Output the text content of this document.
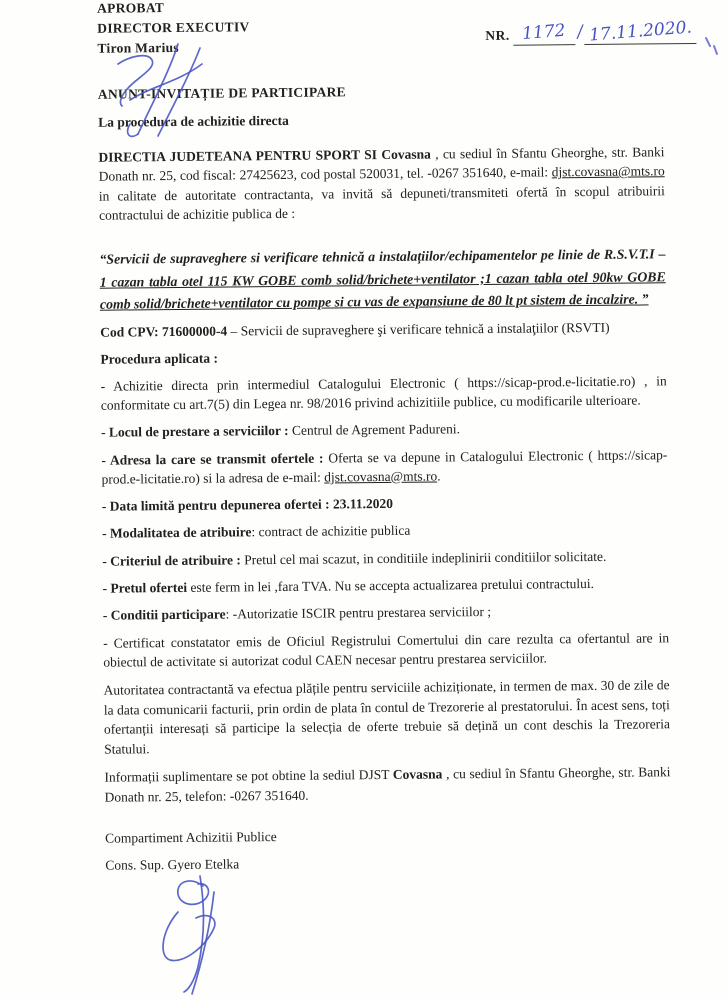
APROBAT
DIRECTOR EXECUTIV
Tiron Marius
NR. 1172 / 17.11.2020.
ANUNT-INVITAȚIE DE PARTICIPARE
La procedura de achizitie directa
DIRECTIA JUDETEANA PENTRU SPORT SI Covasna , cu sediul în Sfantu Gheorghe, str. Banki Donath nr. 25, cod fiscal: 27425623, cod postal 520031, tel. -0267 351640, e-mail: djst.covasna@mts.ro in calitate de autoritate contractanta, va invită să depuneti/transmiteti ofertă în scopul atribuirii contractului de achizitie publica de :
“Servicii de supraveghere si verificare tehnică a instalațiilor/echipamentelor pe linie de R.S.V.T.I – 1 cazan tabla otel 115 KW GOBE comb solid/brichete+ventilator ;1 cazan tabla otel 90kw GOBE comb solid/brichete+ventilator cu pompe si cu vas de expansiune de 80 lt pt sistem de incalzire. ”
Cod CPV: 71600000-4 – Servicii de supraveghere şi verificare tehnică a instalaţiilor (RSVTI)
Procedura aplicata :
- Achizitie directa prin intermediul Catalogului Electronic ( https://sicap-prod.e-licitatie.ro) , in conformitate cu art.7(5) din Legea nr. 98/2016 privind achizitiile publice, cu modificarile ulterioare.
- Locul de prestare a serviciilor : Centrul de Agrement Padureni.
- Adresa la care se transmit ofertele : Oferta se va depune in Catalogului Electronic ( https://sicap-prod.e-licitatie.ro) si la adresa de e-mail: djst.covasna@mts.ro.
- Data limită pentru depunerea ofertei : 23.11.2020
- Modalitatea de atribuire: contract de achizitie publica
- Criteriul de atribuire : Pretul cel mai scazut, in conditiile indeplinirii conditiilor solicitate.
- Pretul ofertei este ferm in lei ,fara TVA. Nu se accepta actualizarea pretului contractului.
- Conditii participare: -Autorizatie ISCIR pentru prestarea serviciilor ;
- Certificat constatator emis de Oficiul Registrului Comertului din care rezulta ca ofertantul are in obiectul de activitate si autorizat codul CAEN necesar pentru prestarea serviciilor.
Autoritatea contractantă va efectua plățile pentru serviciile achiziționate, in termen de max. 30 de zile de la data comunicarii facturii, prin ordin de plata în contul de Trezorerie al prestatorului. În acest sens, toți ofertanții interesați să participe la selecția de oferte trebuie să dețină un cont deschis la Trezoreria Statului.
Informații suplimentare se pot obtine la sediul DJST Covasna , cu sediul în Sfantu Gheorghe, str. Banki Donath nr. 25, telefon: -0267 351640.
Compartiment Achizitii Publice
Cons. Sup. Gyero Etelka
